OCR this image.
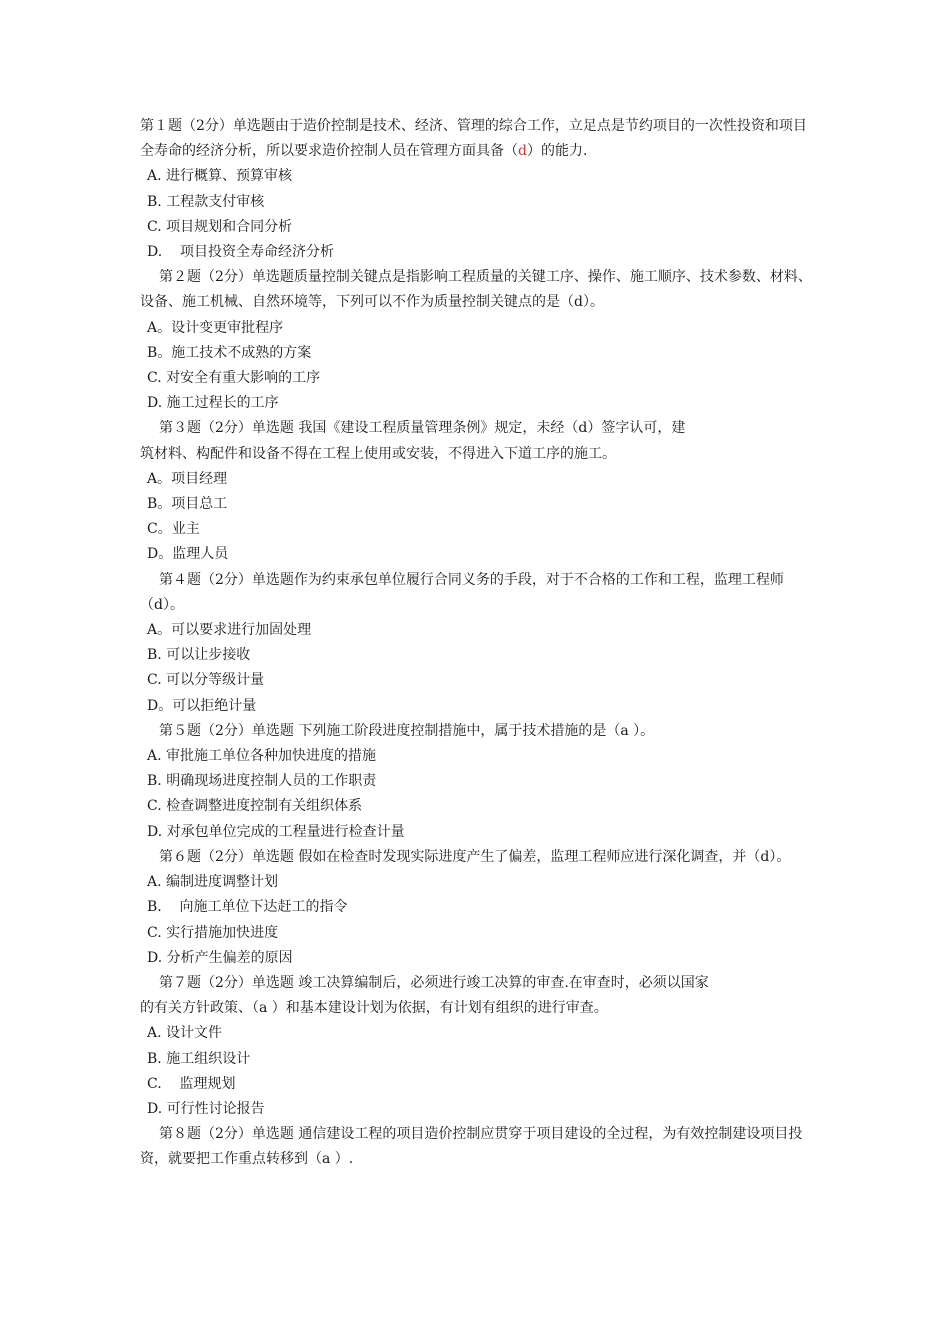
第１题（2分）单选题由于造价控制是技术、经济、管理的综合工作，立足点是节约项目的一次性投资和项目全寿命的经济分析，所以要求造价控制人员在管理方面具备（d）的能力.
A. 进行概算、预算审核
B. 工程款支付审核
C. 项目规划和合同分析
D.    项目投资全寿命经济分析
第２题（2分）单选题质量控制关键点是指影响工程质量的关键工序、操作、施工顺序、技术参数、材料、设备、施工机械、自然环境等，下列可以不作为质量控制关键点的是（d）。
A。设计变更审批程序
B。施工技术不成熟的方案
C. 对安全有重大影响的工序
D. 施工过程长的工序
第３题（2分）单选题 我国《建设工程质量管理条例》规定，未经（d）签字认可，建
筑材料、构配件和设备不得在工程上使用或安装，不得进入下道工序的施工。
A。项目经理
B。项目总工
C。业主
D。监理人员
第４题（2分）单选题作为约束承包单位履行合同义务的手段，对于不合格的工作和工程，监理工程师（d）。
A。可以要求进行加固处理
B. 可以让步接收
C. 可以分等级计量
D。可以拒绝计量
第５题（2分）单选题 下列施工阶段进度控制措施中，属于技术措施的是（a ）。
A. 审批施工单位各种加快进度的措施
B. 明确现场进度控制人员的工作职责
C. 检查调整进度控制有关组织体系
D. 对承包单位完成的工程量进行检查计量
第６题（2分）单选题 假如在检查时发现实际进度产生了偏差，监理工程师应进行深化调查，并（d）。
A. 编制进度调整计划
B.    向施工单位下达赶工的指令
C. 实行措施加快进度
D. 分析产生偏差的原因
第７题（2分）单选题 竣工决算编制后，必须进行竣工决算的审查.在审查时，必须以国家
的有关方针政策、（a ）和基本建设计划为依据，有计划有组织的进行审查。
A. 设计文件
B. 施工组织设计
C.    监理规划
D. 可行性讨论报告
第８题（2分）单选题 通信建设工程的项目造价控制应贯穿于项目建设的全过程，为有效控制建设项目投资，就要把工作重点转移到（a ）.
